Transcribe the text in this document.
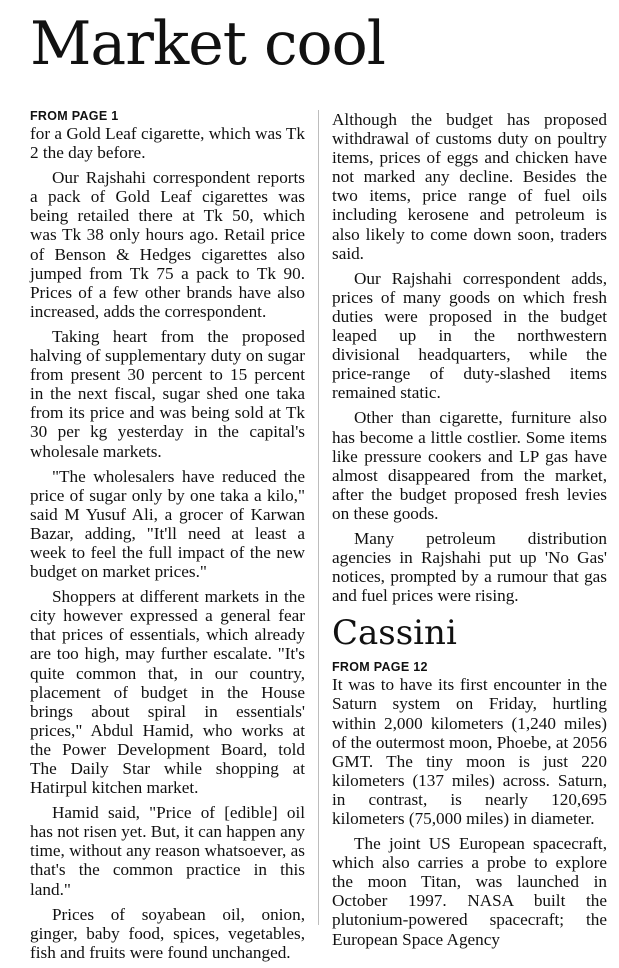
Market cool

FROM PAGE 1

for a Gold Leaf cigarette, which was Tk 2 the day before.

Our Rajshahi correspondent reports a pack of Gold Leaf cigarettes was being retailed there at Tk 50, which was Tk 38 only hours ago. Retail price of Benson & Hedges cigarettes also jumped from Tk 75 a pack to Tk 90. Prices of a few other brands have also increased, adds the correspondent.

Taking heart from the proposed halving of supplementary duty on sugar from present 30 percent to 15 percent in the next fiscal, sugar shed one taka from its price and was being sold at Tk 30 per kg yesterday in the capital's wholesale markets.

"The wholesalers have reduced the price of sugar only by one taka a kilo," said M Yusuf Ali, a grocer of Karwan Bazar, adding, "It'll need at least a week to feel the full impact of the new budget on market prices."

Shoppers at different markets in the city however expressed a general fear that prices of essentials, which already are too high, may further escalate. "It's quite common that, in our country, placement of budget in the House brings about spiral in essentials' prices," Abdul Hamid, who works at the Power Development Board, told The Daily Star while shopping at Hatirpul kitchen market.

Hamid said, "Price of [edible] oil has not risen yet. But, it can happen any time, without any reason whatsoever, as that's the common practice in this land."

Prices of soyabean oil, onion, ginger, baby food, spices, vegetables, fish and fruits were found unchanged.

Although the budget has proposed withdrawal of customs duty on poultry items, prices of eggs and chicken have not marked any decline. Besides the two items, price range of fuel oils including kerosene and petroleum is also likely to come down soon, traders said.

Our Rajshahi correspondent adds, prices of many goods on which fresh duties were proposed in the budget leaped up in the northwestern divisional headquarters, while the price-range of duty-slashed items remained static.

Other than cigarette, furniture also has become a little costlier. Some items like pressure cookers and LP gas have almost disappeared from the market, after the budget proposed fresh levies on these goods.

Many petroleum distribution agencies in Rajshahi put up 'No Gas' notices, prompted by a rumour that gas and fuel prices were rising.

Cassini

FROM PAGE 12

It was to have its first encounter in the Saturn system on Friday, hurtling within 2,000 kilometers (1,240 miles) of the outermost moon, Phoebe, at 2056 GMT. The tiny moon is just 220 kilometers (137 miles) across. Saturn, in contrast, is nearly 120,695 kilometers (75,000 miles) in diameter.

The joint US European spacecraft, which also carries a probe to explore the moon Titan, was launched in October 1997. NASA built the plutonium-powered spacecraft; the European Space Agency
